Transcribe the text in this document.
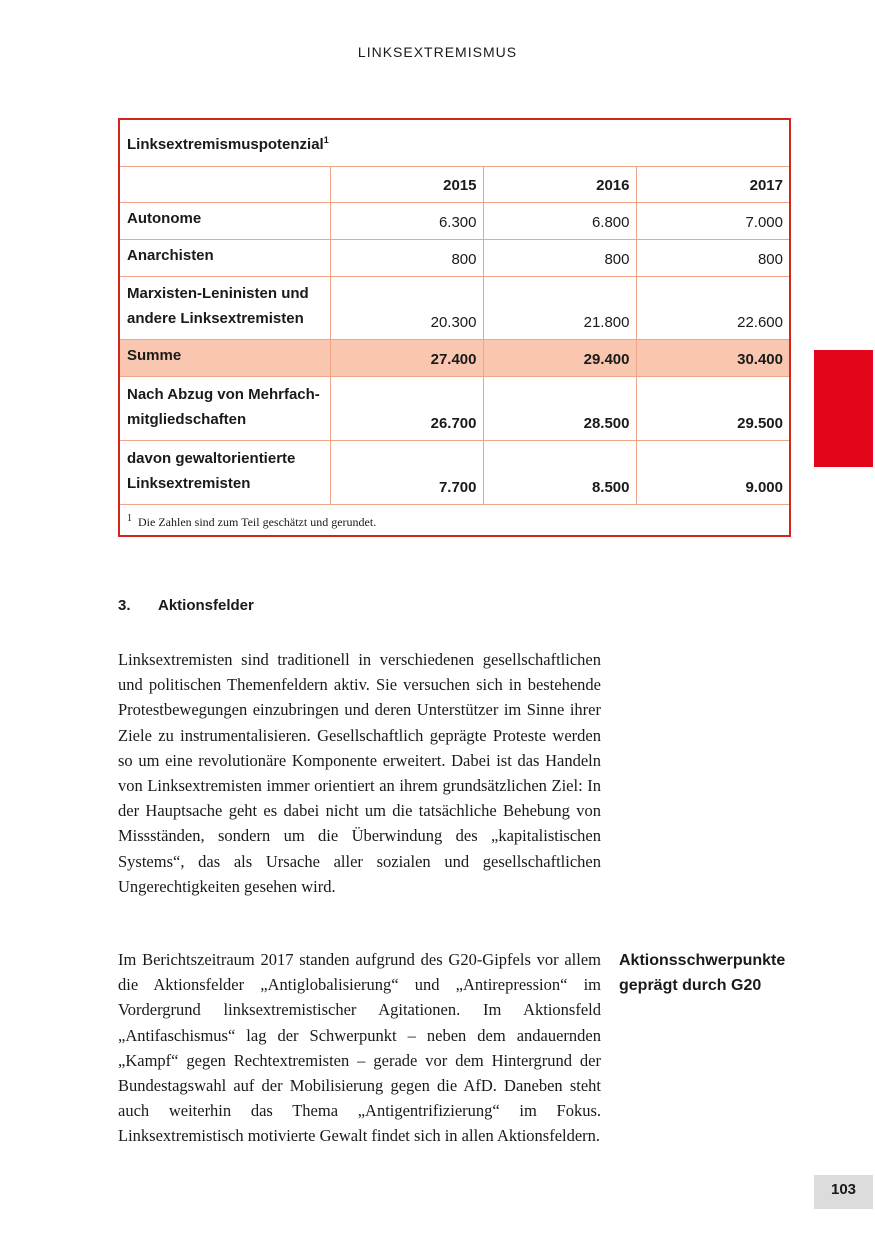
LINKSEXTREMISMUS
Linksextremismuspotenzial$^1$
	2015	2016	2017
Autonome	6.300	6.800	7.000
Anarchisten	800	800	800
Marxisten-Leninisten und
andere Linksextremisten	20.300	21.800	22.600
Summe	27.400	29.400	30.400
Nach Abzug von Mehrfach-
mitgliedschaften	26.700	28.500	29.500
davon gewaltorientierte
Linksextremisten	7.700	8.500	9.000
$^1$ Die Zahlen sind zum Teil geschätzt und gerundet.			
3. Aktionsfelder

Linksextremisten sind traditionell in verschiedenen gesellschaftlichen und politischen Themenfeldern aktiv. Sie versuchen sich in bestehende Protestbewegungen einzubringen und deren Unterstützer im Sinne ihrer Ziele zu instrumentalisieren. Gesellschaftlich geprägte Proteste werden so um eine revolutionäre Komponente erweitert. Dabei ist das Handeln von Linksextremisten immer orientiert an ihrem grundsätzlichen Ziel: In der Hauptsache geht es dabei nicht um die tatsächliche Behebung von Missständen, sondern um die Überwindung des „kapitalistischen Systems“, das als Ursache aller sozialen und gesellschaftlichen Ungerechtigkeiten gesehen wird.

Im Berichtszeitraum 2017 standen aufgrund des G20-Gipfels vor allem die Aktionsfelder „Antiglobalisierung“ und „Antirepression“ im Vordergrund linksextremistischer Agitationen. Im Aktionsfeld „Antifaschismus“ lag der Schwerpunkt – neben dem andauernden „Kampf“ gegen Rechtextremisten – gerade vor dem Hintergrund der Bundestagswahl auf der Mobilisierung gegen die AfD. Daneben steht auch weiterhin das Thema „Antigentrifizierung“ im Fokus. Linksextremistisch motivierte Gewalt findet sich in allen Aktionsfeldern.

Aktionsschwerpunkte
geprägt durch G20
103
